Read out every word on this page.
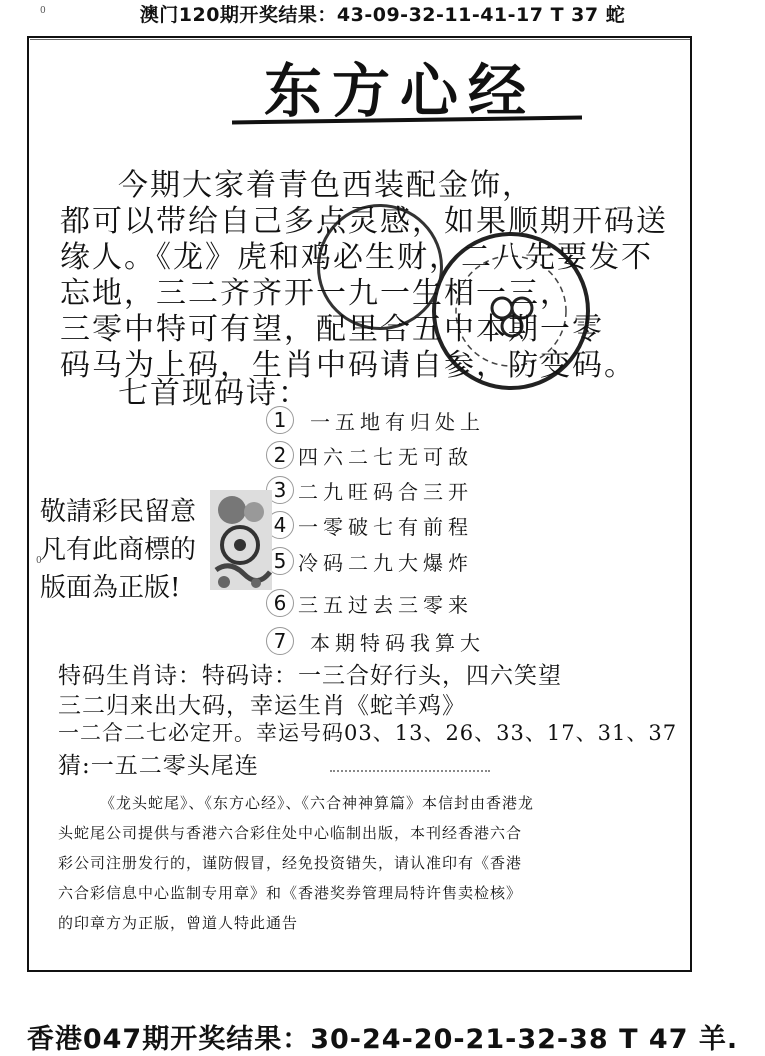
0
0
澳门120期开奖结果：43-09-32-11-41-17 T 37 蛇
东方心经
今期大家着青色西装配金饰，
都可以带给自己多点灵感，如果顺期开码送
缘人。《龙》虎和鸡必生财，二八先要发不
忘地，三二齐齐开一九一生相一三，
三零中特可有望，配里合五中本期一零
码马为上码，生肖中码请自参，防变码。
七首现码诗：
1	一五地有归处上
2 四六二七无可敌
3 二九旺码合三开
4 一零破七有前程
5 冷码二九大爆炸
6 三五过去三零来
7	本期特码我算大
敬請彩民留意
凡有此商標的
版面為正版!
特码生肖诗：特码诗：一三合好行头，四六笑望
三二归来出大码，幸运生肖《蛇羊鸡》
一二合二七必定开。幸运号码03、13、26、33、17、31、37
猜:一五二零头尾连
《龙头蛇尾》、《东方心经》、《六合神神算篇》本信封由香港龙
头蛇尾公司提供与香港六合彩住处中心临制出版，本刊经香港六合
彩公司注册发行的，谨防假冒，经免投资错失，请认准印有《香港
六合彩信息中心监制专用章》和《香港奖券管理局特许售卖检核》
的印章方为正版，曾道人特此通告
香港047期开奖结果：30-24-20-21-32-38 T 47 羊.
